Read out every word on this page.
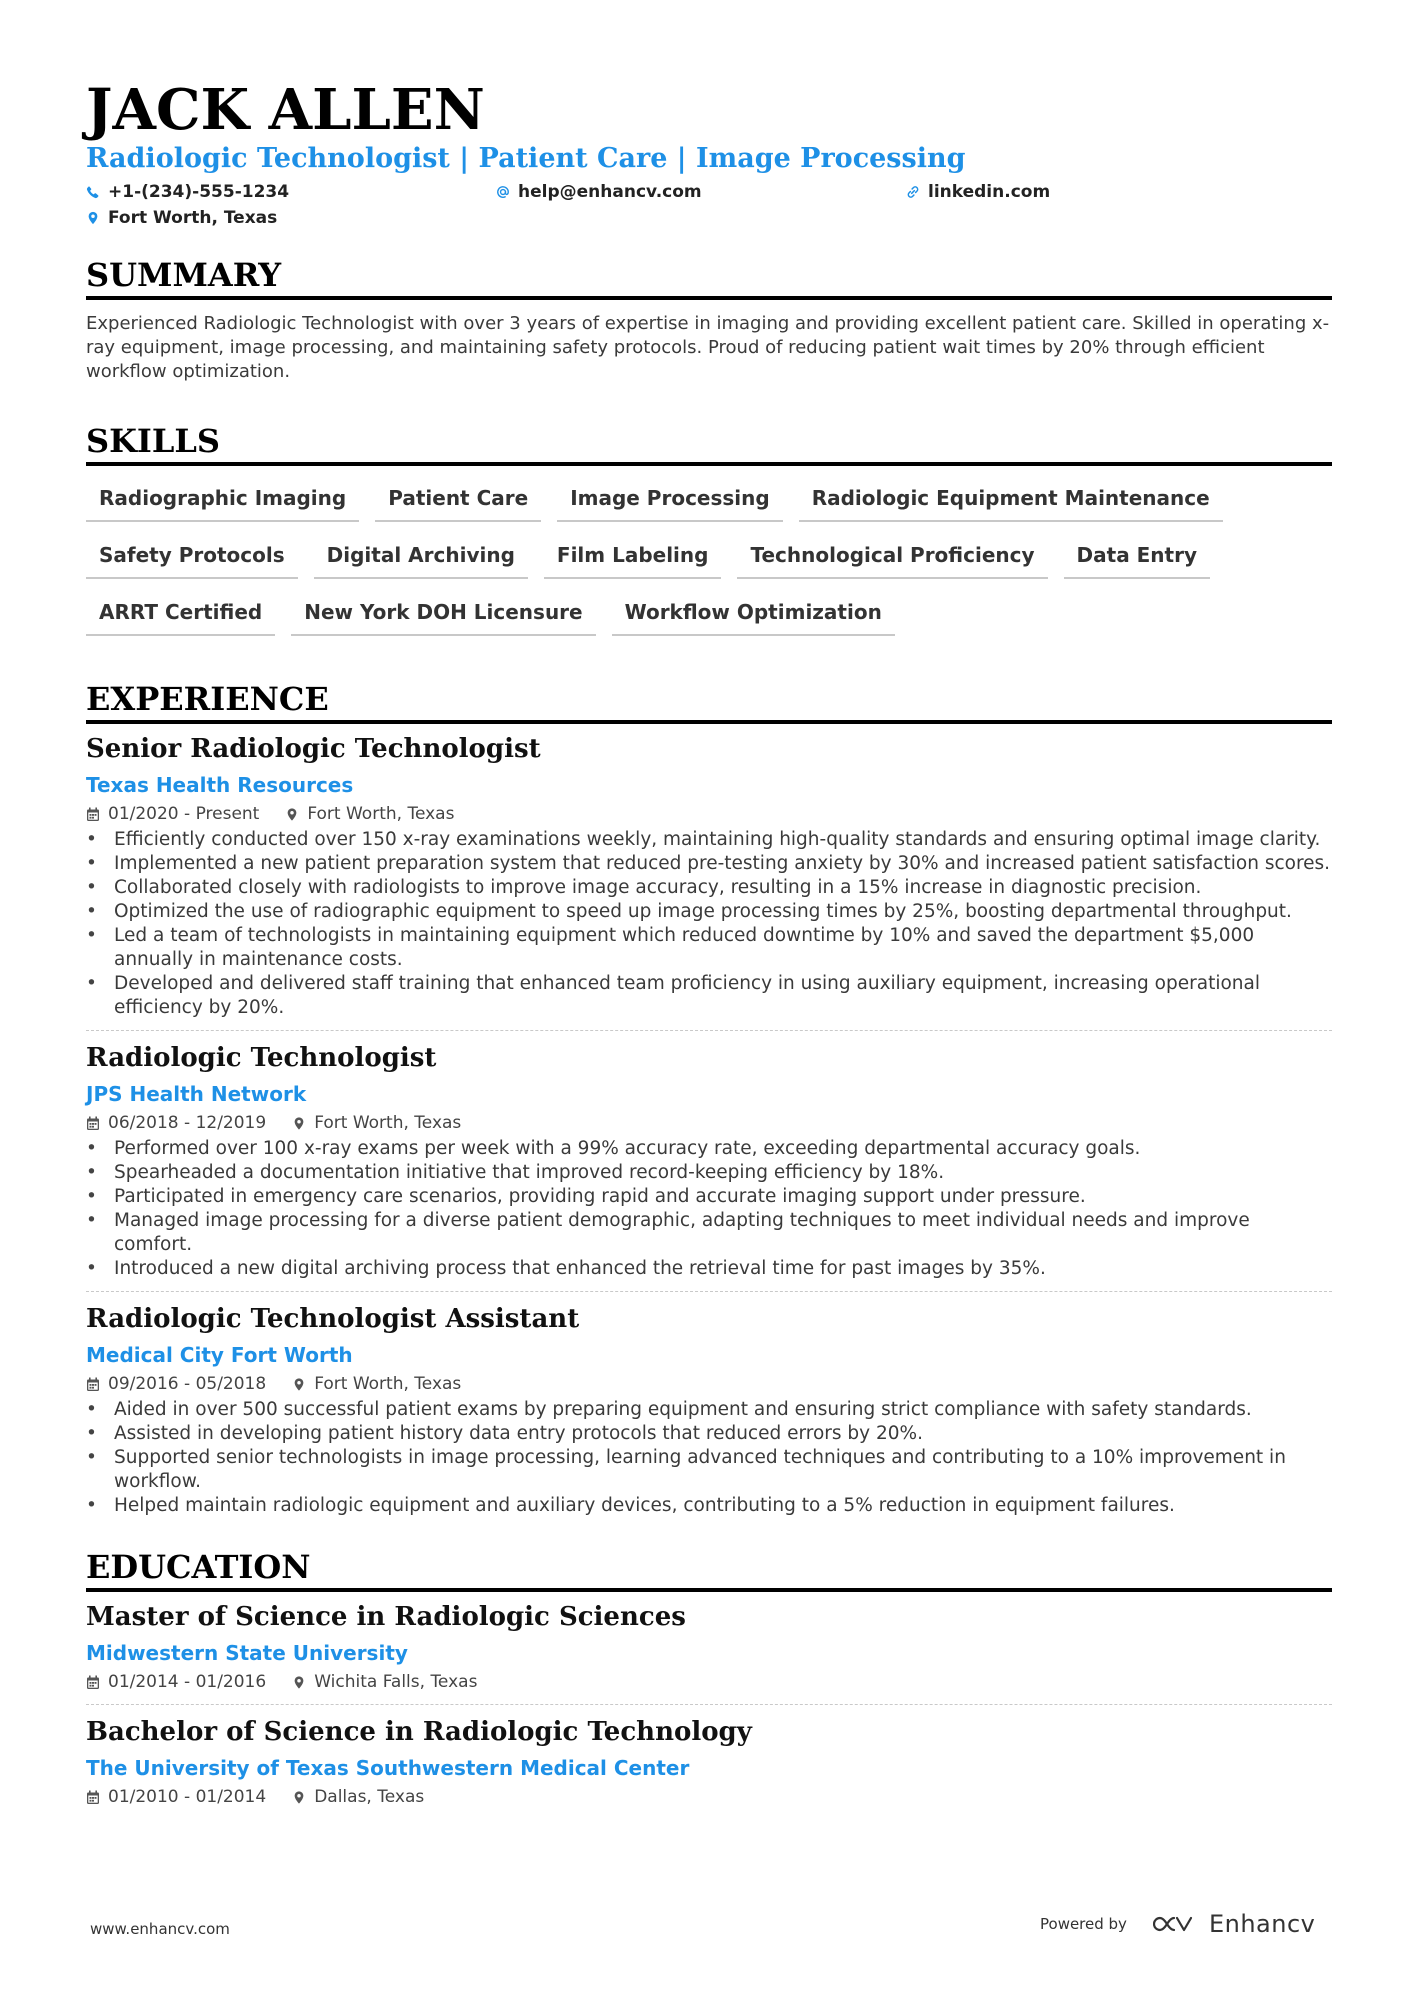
JACK ALLEN
Radiologic Technologist | Patient Care | Image Processing
+1-(234)-555-1234	help@enhancv.com	linkedin.com
Fort Worth, Texas
SUMMARY
Experienced Radiologic Technologist with over 3 years of expertise in imaging and providing excellent patient care. Skilled in operating x-ray equipment, image processing, and maintaining safety protocols. Proud of reducing patient wait times by 20% through efficient workflow optimization.
SKILLS
Radiographic Imaging	Patient Care	Image Processing	Radiologic Equipment Maintenance
Safety Protocols	Digital Archiving	Film Labeling	Technological Proficiency	Data Entry
ARRT Certified	New York DOH Licensure	Workflow Optimization
EXPERIENCE
Senior Radiologic Technologist
Texas Health Resources
01/2020 - Present	Fort Worth, Texas
• Efficiently conducted over 150 x-ray examinations weekly, maintaining high-quality standards and ensuring optimal image clarity.
• Implemented a new patient preparation system that reduced pre-testing anxiety by 30% and increased patient satisfaction scores.
• Collaborated closely with radiologists to improve image accuracy, resulting in a 15% increase in diagnostic precision.
• Optimized the use of radiographic equipment to speed up image processing times by 25%, boosting departmental throughput.
• Led a team of technologists in maintaining equipment which reduced downtime by 10% and saved the department $5,000 annually in maintenance costs.
• Developed and delivered staff training that enhanced team proficiency in using auxiliary equipment, increasing operational efficiency by 20%.
Radiologic Technologist
JPS Health Network
06/2018 - 12/2019	Fort Worth, Texas
• Performed over 100 x-ray exams per week with a 99% accuracy rate, exceeding departmental accuracy goals.
• Spearheaded a documentation initiative that improved record-keeping efficiency by 18%.
• Participated in emergency care scenarios, providing rapid and accurate imaging support under pressure.
• Managed image processing for a diverse patient demographic, adapting techniques to meet individual needs and improve comfort.
• Introduced a new digital archiving process that enhanced the retrieval time for past images by 35%.
Radiologic Technologist Assistant
Medical City Fort Worth
09/2016 - 05/2018	Fort Worth, Texas
• Aided in over 500 successful patient exams by preparing equipment and ensuring strict compliance with safety standards.
• Assisted in developing patient history data entry protocols that reduced errors by 20%.
• Supported senior technologists in image processing, learning advanced techniques and contributing to a 10% improvement in workflow.
• Helped maintain radiologic equipment and auxiliary devices, contributing to a 5% reduction in equipment failures.
EDUCATION
Master of Science in Radiologic Sciences
Midwestern State University
01/2014 - 01/2016	Wichita Falls, Texas
Bachelor of Science in Radiologic Technology
The University of Texas Southwestern Medical Center
01/2010 - 01/2014	Dallas, Texas
www.enhancv.com	Powered by	Enhancv
